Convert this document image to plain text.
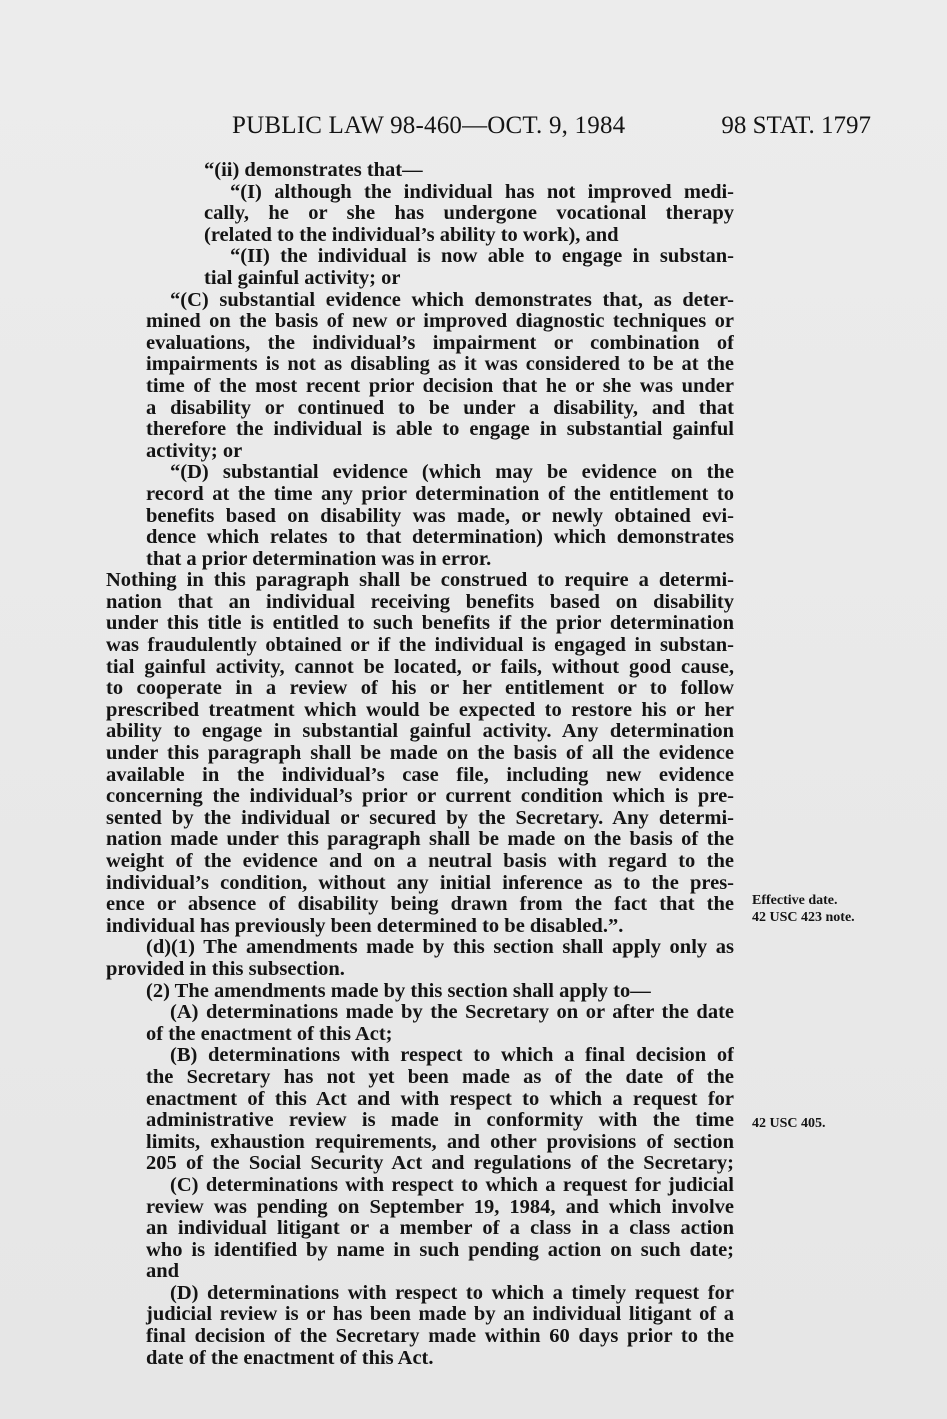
PUBLIC LAW 98-460—OCT. 9, 1984	98 STAT. 1797
“(ii) demonstrates that—
“(I) although the individual has not improved medi-
cally, he or she has undergone vocational therapy
(related to the individual’s ability to work), and
“(II) the individual is now able to engage in substan-
tial gainful activity; or
“(C) substantial evidence which demonstrates that, as deter-
mined on the basis of new or improved diagnostic techniques or
evaluations, the individual’s impairment or combination of
impairments is not as disabling as it was considered to be at the
time of the most recent prior decision that he or she was under
a disability or continued to be under a disability, and that
therefore the individual is able to engage in substantial gainful
activity; or
“(D) substantial evidence (which may be evidence on the
record at the time any prior determination of the entitlement to
benefits based on disability was made, or newly obtained evi-
dence which relates to that determination) which demonstrates
that a prior determination was in error.
Nothing in this paragraph shall be construed to require a determi-
nation that an individual receiving benefits based on disability
under this title is entitled to such benefits if the prior determination
was fraudulently obtained or if the individual is engaged in substan-
tial gainful activity, cannot be located, or fails, without good cause,
to cooperate in a review of his or her entitlement or to follow
prescribed treatment which would be expected to restore his or her
ability to engage in substantial gainful activity. Any determination
under this paragraph shall be made on the basis of all the evidence
available in the individual’s case file, including new evidence
concerning the individual’s prior or current condition which is pre-
sented by the individual or secured by the Secretary. Any determi-
nation made under this paragraph shall be made on the basis of the
weight of the evidence and on a neutral basis with regard to the
individual’s condition, without any initial inference as to the pres-
ence or absence of disability being drawn from the fact that the
individual has previously been determined to be disabled.”.
(d)(1) The amendments made by this section shall apply only as
provided in this subsection.
(2) The amendments made by this section shall apply to—
(A) determinations made by the Secretary on or after the date
of the enactment of this Act;
(B) determinations with respect to which a final decision of
the Secretary has not yet been made as of the date of the
enactment of this Act and with respect to which a request for
administrative review is made in conformity with the time
limits, exhaustion requirements, and other provisions of section
205 of the Social Security Act and regulations of the Secretary;
(C) determinations with respect to which a request for judicial
review was pending on September 19, 1984, and which involve
an individual litigant or a member of a class in a class action
who is identified by name in such pending action on such date;
and
(D) determinations with respect to which a timely request for
judicial review is or has been made by an individual litigant of a
final decision of the Secretary made within 60 days prior to the
date of the enactment of this Act.
Effective date.
42 USC 423 note.
42 USC 405.
